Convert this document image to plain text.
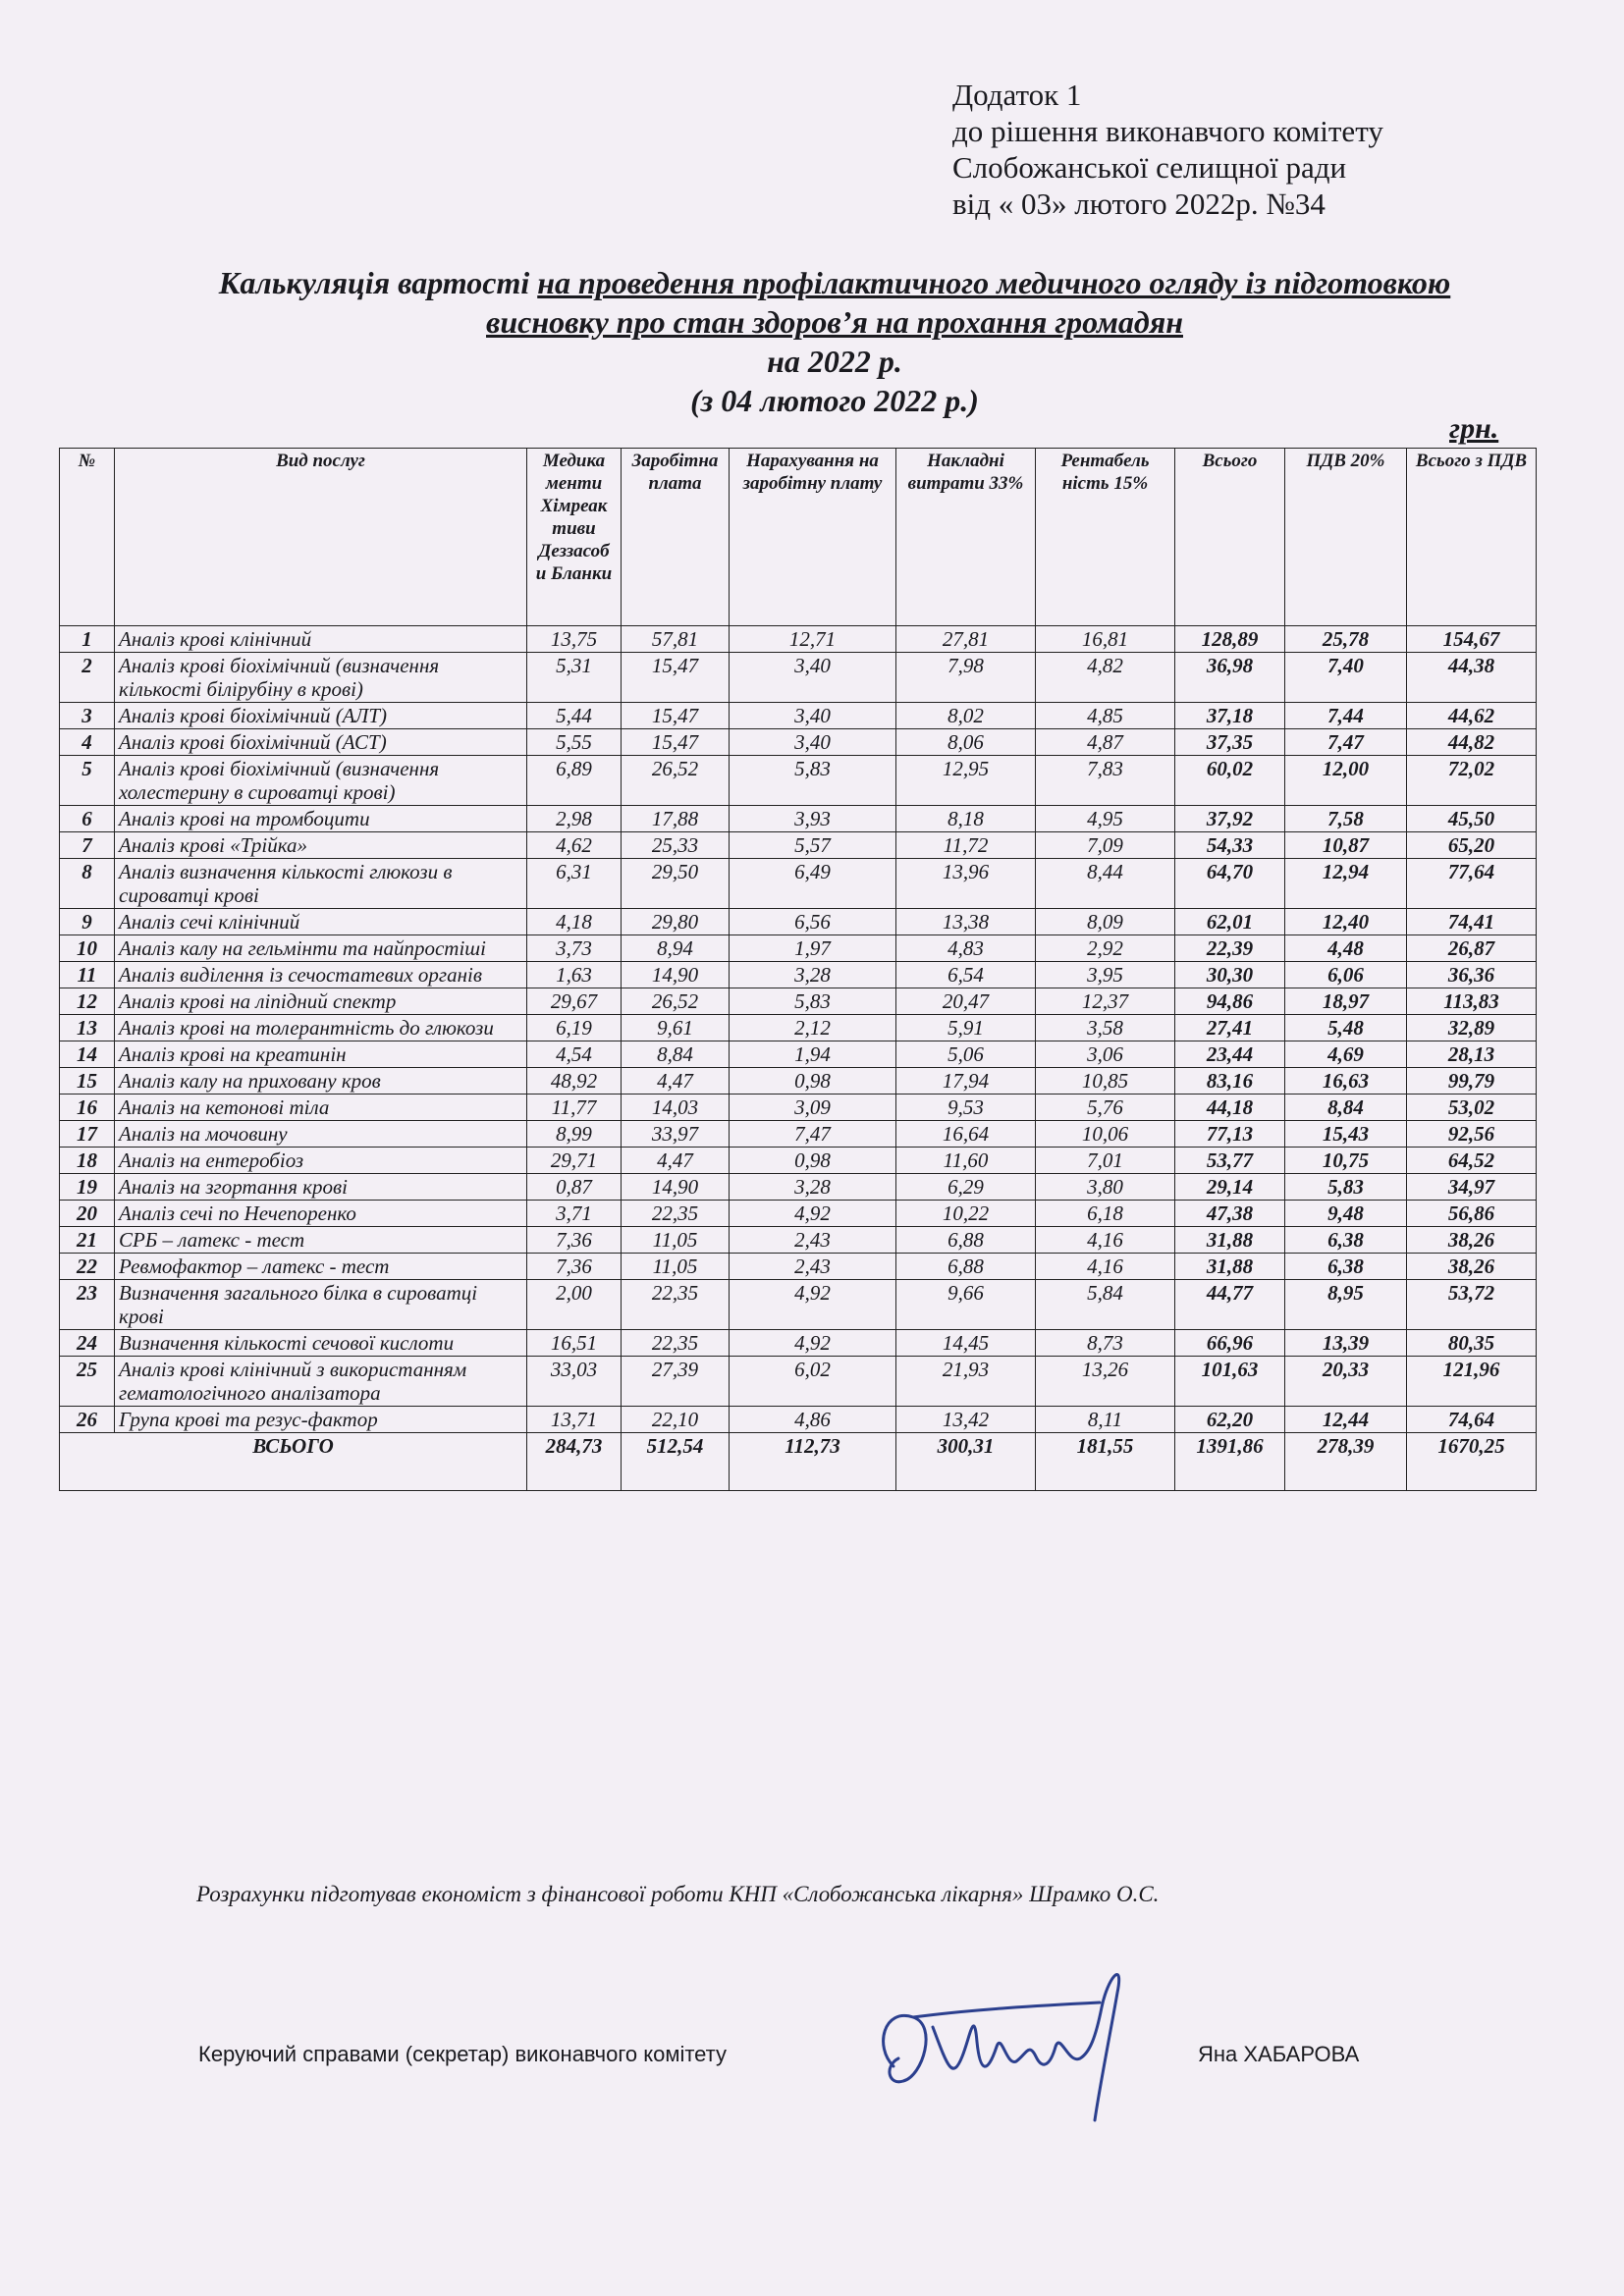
Додаток 1
до рішення виконавчого комітету
Слобожанської селищної ради
від « 03» лютого 2022р. №34
Калькуляція вартості на проведення профілактичного медичного огляду із підготовкою
висновку про стан здоров’я на прохання громадян
на 2022 р.
(з 04 лютого 2022 р.)
грн.
№	Вид послуг	Медика менти Хімреак тиви Деззасоб и Бланки	Заробітна плата	Нарахування на заробітну плату	Накладні витрати 33%	Рентабель ність 15%	Всього	ПДВ 20%	Всього з ПДВ
1	Аналіз крові клінічний	13,75	57,81	12,71	27,81	16,81	128,89	25,78	154,67
2	Аналіз крові біохімічний (визначення кількості білірубіну в крові)	5,31	15,47	3,40	7,98	4,82	36,98	7,40	44,38
3	Аналіз крові біохімічний (АЛТ)	5,44	15,47	3,40	8,02	4,85	37,18	7,44	44,62
4	Аналіз крові біохімічний (АСТ)	5,55	15,47	3,40	8,06	4,87	37,35	7,47	44,82
5	Аналіз крові біохімічний (визначення холестерину в сироватці крові)	6,89	26,52	5,83	12,95	7,83	60,02	12,00	72,02
6	Аналіз крові на тромбоцити	2,98	17,88	3,93	8,18	4,95	37,92	7,58	45,50
7	Аналіз крові «Трійка»	4,62	25,33	5,57	11,72	7,09	54,33	10,87	65,20
8	Аналіз визначення кількості глюкози в сироватці крові	6,31	29,50	6,49	13,96	8,44	64,70	12,94	77,64
9	Аналіз сечі клінічний	4,18	29,80	6,56	13,38	8,09	62,01	12,40	74,41
10	Аналіз калу на гельмінти та найпростіші	3,73	8,94	1,97	4,83	2,92	22,39	4,48	26,87
11	Аналіз виділення із сечостатевих органів	1,63	14,90	3,28	6,54	3,95	30,30	6,06	36,36
12	Аналіз крові на ліпідний спектр	29,67	26,52	5,83	20,47	12,37	94,86	18,97	113,83
13	Аналіз крові на толерантність до глюкози	6,19	9,61	2,12	5,91	3,58	27,41	5,48	32,89
14	Аналіз крові на креатинін	4,54	8,84	1,94	5,06	3,06	23,44	4,69	28,13
15	Аналіз калу на приховану кров	48,92	4,47	0,98	17,94	10,85	83,16	16,63	99,79
16	Аналіз на кетонові тіла	11,77	14,03	3,09	9,53	5,76	44,18	8,84	53,02
17	Аналіз на мочовину	8,99	33,97	7,47	16,64	10,06	77,13	15,43	92,56
18	Аналіз на ентеробіоз	29,71	4,47	0,98	11,60	7,01	53,77	10,75	64,52
19	Аналіз на згортання крові	0,87	14,90	3,28	6,29	3,80	29,14	5,83	34,97
20	Аналіз сечі по Нечепоренко	3,71	22,35	4,92	10,22	6,18	47,38	9,48	56,86
21	СРБ – латекс - тест	7,36	11,05	2,43	6,88	4,16	31,88	6,38	38,26
22	Ревмофактор – латекс - тест	7,36	11,05	2,43	6,88	4,16	31,88	6,38	38,26
23	Визначення загального білка в сироватці крові	2,00	22,35	4,92	9,66	5,84	44,77	8,95	53,72
24	Визначення кількості сечової кислоти	16,51	22,35	4,92	14,45	8,73	66,96	13,39	80,35
25	Аналіз крові клінічний з використанням гематологічного аналізатора	33,03	27,39	6,02	21,93	13,26	101,63	20,33	121,96
26	Група крові та резус-фактор	13,71	22,10	4,86	13,42	8,11	62,20	12,44	74,64
ВСЬОГО		284,73	512,54	112,73	300,31	181,55	1391,86	278,39	1670,25
Розрахунки підготував економіст з фінансової роботи КНП «Слобожанська лікарня» Шрамко О.С.
Керуючий справами (секретар) виконавчого комітету	Яна ХАБАРОВА
